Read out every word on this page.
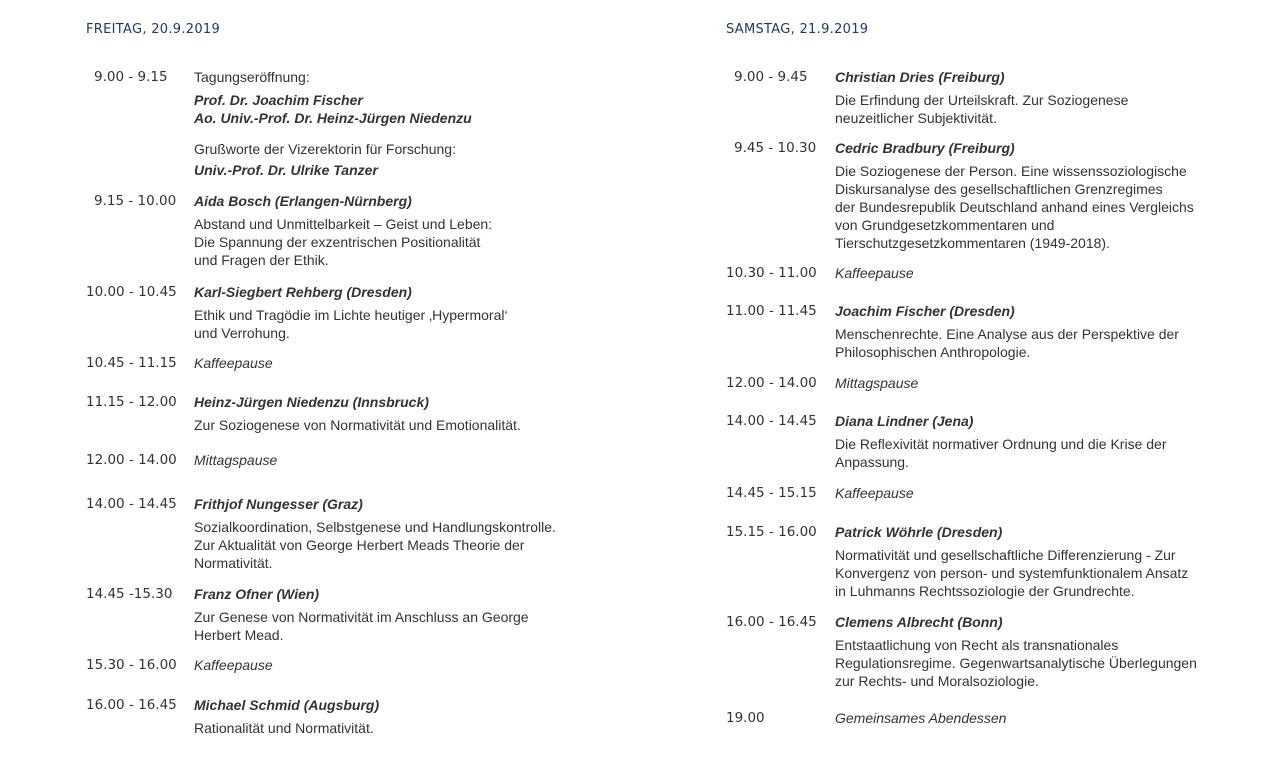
FREITAG, 20.9.2019
9.00 - 9.15 Tagungseröffnung:
Prof. Dr. Joachim Fischer
Ao. Univ.-Prof. Dr. Heinz-Jürgen Niedenzu
Grußworte der Vizerektorin für Forschung:
Univ.-Prof. Dr. Ulrike Tanzer
9.15 - 10.00 Aida Bosch (Erlangen-Nürnberg)
Abstand und Unmittelbarkeit – Geist und Leben:
Die Spannung der exzentrischen Positionalität
und Fragen der Ethik.
10.00 - 10.45 Karl-Siegbert Rehberg (Dresden)
Ethik und Tragödie im Lichte heutiger ‚Hypermoral‘
und Verrohung.
10.45 - 11.15 Kaffeepause
11.15 - 12.00 Heinz-Jürgen Niedenzu (Innsbruck)
Zur Soziogenese von Normativität und Emotionalität.
12.00 - 14.00 Mittagspause
14.00 - 14.45 Frithjof Nungesser (Graz)
Sozialkoordination, Selbstgenese und Handlungskontrolle.
Zur Aktualität von George Herbert Meads Theorie der
Normativität.
14.45 -15.30 Franz Ofner (Wien)
Zur Genese von Normativität im Anschluss an George
Herbert Mead.
15.30 - 16.00 Kaffeepause
16.00 - 16.45 Michael Schmid (Augsburg)
Rationalität und Normativität.
SAMSTAG, 21.9.2019
9.00 - 9.45 Christian Dries (Freiburg)
Die Erfindung der Urteilskraft. Zur Soziogenese
neuzeitlicher Subjektivität.
9.45 - 10.30 Cedric Bradbury (Freiburg)
Die Soziogenese der Person. Eine wissenssoziologische
Diskursanalyse des gesellschaftlichen Grenzregimes
der Bundesrepublik Deutschland anhand eines Vergleichs
von Grundgesetzkommentaren und
Tierschutzgesetzkommentaren (1949-2018).
10.30 - 11.00 Kaffeepause
11.00 - 11.45 Joachim Fischer (Dresden)
Menschenrechte. Eine Analyse aus der Perspektive der
Philosophischen Anthropologie.
12.00 - 14.00 Mittagspause
14.00 - 14.45 Diana Lindner (Jena)
Die Reflexivität normativer Ordnung und die Krise der
Anpassung.
14.45 - 15.15 Kaffeepause
15.15 - 16.00 Patrick Wöhrle (Dresden)
Normativität und gesellschaftliche Differenzierung - Zur
Konvergenz von person- und systemfunktionalem Ansatz
in Luhmanns Rechtssoziologie der Grundrechte.
16.00 - 16.45 Clemens Albrecht (Bonn)
Entstaatlichung von Recht als transnationales
Regulationsregime. Gegenwartsanalytische Überlegungen
zur Rechts- und Moralsoziologie.
19.00	Gemeinsames Abendessen
